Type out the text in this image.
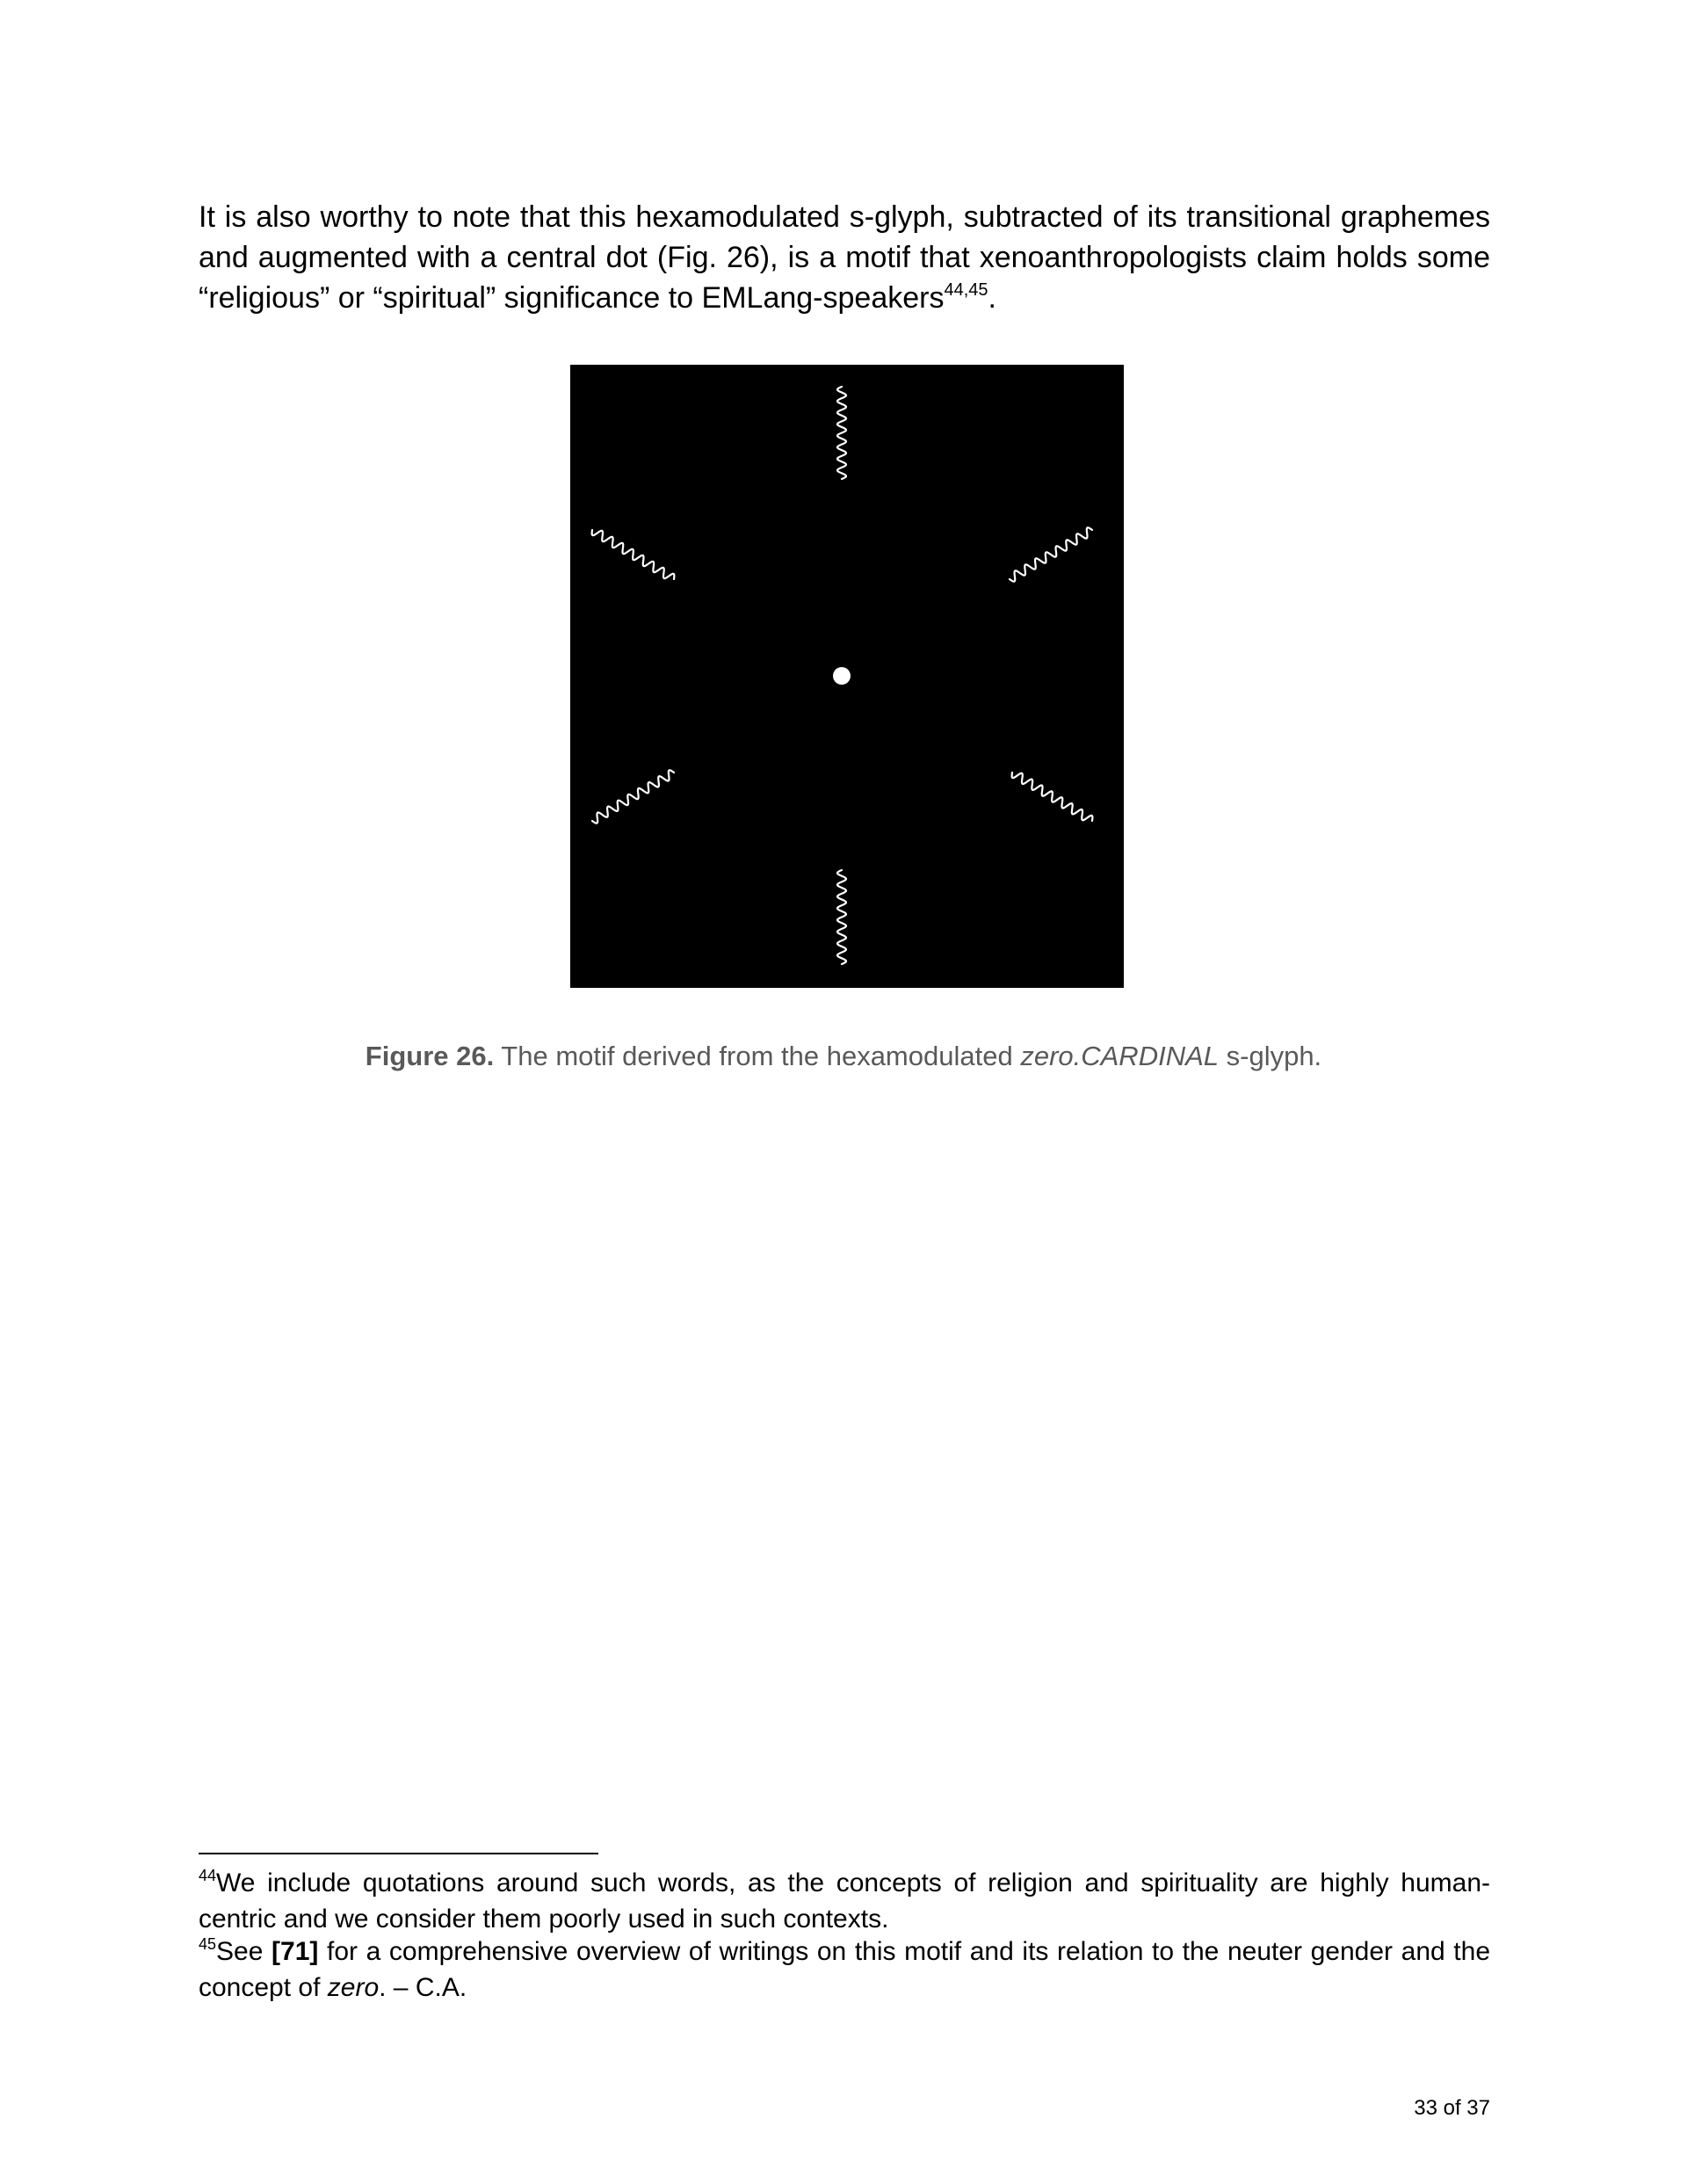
It is also worthy to note that this hexamodulated s-glyph, subtracted of its transitional graphemes and augmented with a central dot (Fig. 26), is a motif that xenoanthropologists claim holds some “religious” or “spiritual” significance to EMLang-speakers$^{44,45}$.

Figure 26. The motif derived from the hexamodulated zero.CARDINAL s-glyph.

$^{44}$We include quotations around such words, as the concepts of religion and spirituality are highly human-centric and we consider them poorly used in such contexts.

$^{45}$See [71] for a comprehensive overview of writings on this motif and its relation to the neuter gender and the concept of zero. – C.A.

33 of 37
